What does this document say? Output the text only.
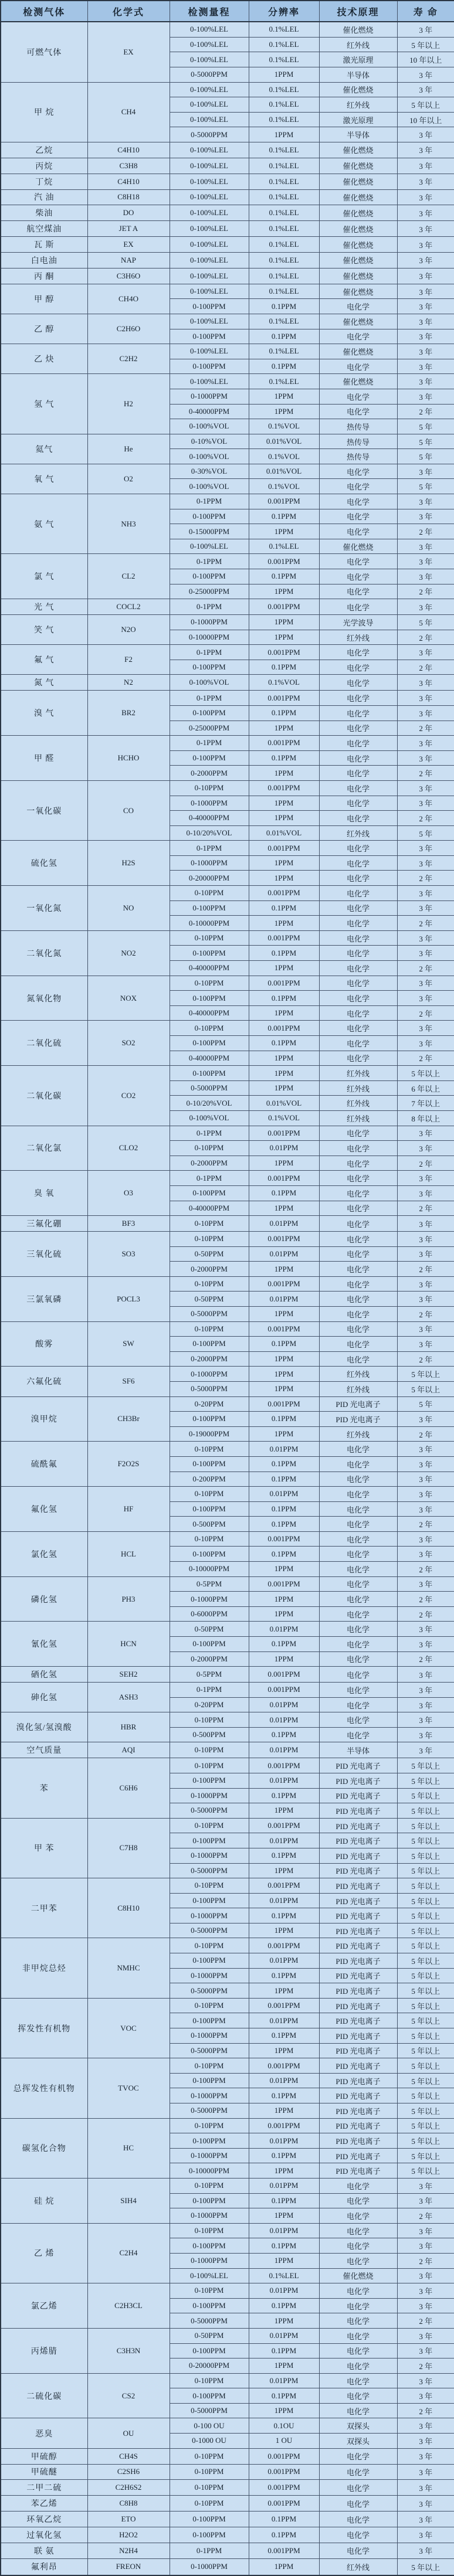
检测气体	化学式	检测量程	分辨率	技术原理	寿 命
可燃气体	EX	0-100%LEL	0.1%LEL	催化燃烧	3 年
		0-100%LEL	0.1%LEL	红外线	5 年以上
		0-100%LEL	0.1%LEL	激光原理	10 年以上
		0-5000PPM	1PPM	半导体	3 年
甲 烷	CH4	0-100%LEL	0.1%LEL	催化燃烧	3 年
		0-100%LEL	0.1%LEL	红外线	5 年以上
		0-100%LEL	0.1%LEL	激光原理	10 年以上
		0-5000PPM	1PPM	半导体	3 年
乙烷	C4H10	0-100%LEL	0.1%LEL	催化燃烧	3 年
丙烷	C3H8	0-100%LEL	0.1%LEL	催化燃烧	3 年
丁烷	C4H10	0-100%LEL	0.1%LEL	催化燃烧	3 年
汽 油	C8H18	0-100%LEL	0.1%LEL	催化燃烧	3 年
柴油	DO	0-100%LEL	0.1%LEL	催化燃烧	3 年
航空煤油	JET A	0-100%LEL	0.1%LEL	催化燃烧	3 年
瓦 斯	EX	0-100%LEL	0.1%LEL	催化燃烧	3 年
白电油	NAP	0-100%LEL	0.1%LEL	催化燃烧	3 年
丙 酮	C3H6O	0-100%LEL	0.1%LEL	催化燃烧	3 年
甲 醇	CH4O	0-100%LEL	0.1%LEL	催化燃烧	3 年
		0-100PPM	0.1PPM	电化学	3 年
乙 醇	C2H6O	0-100%LEL	0.1%LEL	催化燃烧	3 年
		0-100PPM	0.1PPM	电化学	3 年
乙 炔	C2H2	0-100%LEL	0.1%LEL	催化燃烧	3 年
		0-100PPM	0.1PPM	电化学	3 年
氢 气	H2	0-100%LEL	0.1%LEL	催化燃烧	3 年
		0-1000PPM	1PPM	电化学	3 年
		0-40000PPM	1PPM	电化学	2 年
		0-100%VOL	0.1%VOL	热传导	5 年
氦气	He	0-10%VOL	0.01%VOL	热传导	5 年
		0-100%VOL	0.1%VOL	热传导	5 年
氧 气	O2	0-30%VOL	0.01%VOL	电化学	3 年
		0-100%VOL	0.1%VOL	电化学	5 年
氨 气	NH3	0-1PPM	0.001PPM	电化学	3 年
		0-100PPM	0.1PPM	电化学	3 年
		0-15000PPM	1PPM	电化学	2 年
		0-100%LEL	0.1%LEL	催化燃烧	3 年
氯 气	CL2	0-1PPM	0.001PPM	电化学	3 年
		0-100PPM	0.1PPM	电化学	3 年
		0-25000PPM	1PPM	电化学	2 年
光 气	COCL2	0-1PPM	0.001PPM	电化学	3 年
笑 气	N2O	0-1000PPM	1PPM	光学波导	5 年
		0-10000PPM	1PPM	红外线	2 年
氟 气	F2	0-1PPM	0.001PPM	电化学	3 年
		0-100PPM	0.1PPM	电化学	2 年
氮 气	N2	0-100%VOL	0.1%VOL	电化学	3 年
溴 气	BR2	0-1PPM	0.001PPM	电化学	3 年
		0-100PPM	0.1PPM	电化学	3 年
		0-25000PPM	1PPM	电化学	2 年
甲 醛	HCHO	0-1PPM	0.001PPM	电化学	3 年
		0-100PPM	0.1PPM	电化学	3 年
		0-2000PPM	1PPM	电化学	2 年
一氧化碳	CO	0-10PPM	0.001PPM	电化学	3 年
		0-1000PPM	1PPM	电化学	3 年
		0-40000PPM	1PPM	电化学	2 年
		0-10/20%VOL	0.01%VOL	红外线	5 年
硫化氢	H2S	0-1PPM	0.001PPM	电化学	3 年
		0-1000PPM	1PPM	电化学	3 年
		0-20000PPM	1PPM	电化学	2 年
一氧化氮	NO	0-10PPM	0.001PPM	电化学	3 年
		0-100PPM	0.1PPM	电化学	3 年
		0-10000PPM	1PPM	电化学	2 年
二氧化氮	NO2	0-10PPM	0.001PPM	电化学	3 年
		0-100PPM	0.1PPM	电化学	3 年
		0-40000PPM	1PPM	电化学	2 年
氮氧化物	NOX	0-10PPM	0.001PPM	电化学	3 年
		0-100PPM	0.1PPM	电化学	3 年
		0-40000PPM	1PPM	电化学	2 年
二氧化硫	SO2	0-10PPM	0.001PPM	电化学	3 年
		0-100PPM	0.1PPM	电化学	3 年
		0-40000PPM	1PPM	电化学	2 年
二氧化碳	CO2	0-100PPM	1PPM	红外线	5 年以上
		0-5000PPM	1PPM	红外线	6 年以上
		0-10/20%VOL	0.01%VOL	红外线	7 年以上
		0-100%VOL	0.1%VOL	红外线	8 年以上
二氧化氯	CLO2	0-1PPM	0.001PPM	电化学	3 年
		0-10PPM	0.01PPM	电化学	3 年
		0-2000PPM	1PPM	电化学	2 年
臭 氧	O3	0-1PPM	0.001PPM	电化学	3 年
		0-100PPM	0.1PPM	电化学	3 年
		0-40000PPM	1PPM	电化学	2 年
三氟化硼	BF3	0-10PPM	0.01PPM	电化学	3 年
三氧化硫	SO3	0-10PPM	0.001PPM	电化学	3 年
		0-50PPM	0.01PPM	电化学	3 年
		0-2000PPM	1PPM	电化学	2 年
三氯氧磷	POCL3	0-10PPM	0.001PPM	电化学	3 年
		0-50PPM	0.01PPM	电化学	3 年
		0-5000PPM	1PPM	电化学	2 年
酸雾	SW	0-10PPM	0.001PPM	电化学	3 年
		0-100PPM	0.1PPM	电化学	3 年
		0-2000PPM	1PPM	电化学	2 年
六氟化硫	SF6	0-1000PPM	1PPM	红外线	5 年以上
		0-5000PPM	1PPM	红外线	5 年以上
溴甲烷	CH3Br	0-20PPM	0.001PPM	PID 光电离子	5 年
		0-100PPM	0.1PPM	PID 光电离子	3 年
		0-19000PPM	1PPM	红外线	2 年
硫酰氟	F2O2S	0-10PPM	0.01PPM	电化学	3 年
		0-100PPM	0.1PPM	电化学	3 年
		0-200PPM	0.1PPM	电化学	3 年
氟化氢	HF	0-10PPM	0.01PPM	电化学	3 年
		0-100PPM	0.1PPM	电化学	3 年
		0-500PPM	0.1PPM	电化学	2 年
氯化氢	HCL	0-10PPM	0.001PPM	电化学	3 年
		0-100PPM	0.1PPM	电化学	3 年
		0-10000PPM	1PPM	电化学	2 年
磷化氢	PH3	0-5PPM	0.001PPM	电化学	3 年
		0-1000PPM	1PPM	电化学	2 年
		0-6000PPM	1PPM	电化学	2 年
氰化氢	HCN	0-50PPM	0.01PPM	电化学	3 年
		0-100PPM	0.1PPM	电化学	3 年
		0-2000PPM	1PPM	电化学	2 年
硒化氢	SEH2	0-5PPM	0.001PPM	电化学	3 年
砷化氢	ASH3	0-1PPM	0.001PPM	电化学	3 年
		0-20PPM	0.01PPM	电化学	3 年
溴化氢/氢溴酸	HBR	0-10PPM	0.01PPM	电化学	3 年
		0-500PPM	0.1PPM	电化学	3 年
空气质量	AQI	0-10PPM	0.01PPM	半导体	3 年
苯	C6H6	0-10PPM	0.001PPM	PID 光电离子	5 年以上
		0-100PPM	0.01PPM	PID 光电离子	5 年以上
		0-1000PPM	0.1PPM	PID 光电离子	5 年以上
		0-5000PPM	1PPM	PID 光电离子	5 年以上
甲 苯	C7H8	0-10PPM	0.001PPM	PID 光电离子	5 年以上
		0-100PPM	0.01PPM	PID 光电离子	5 年以上
		0-1000PPM	0.1PPM	PID 光电离子	5 年以上
		0-5000PPM	1PPM	PID 光电离子	5 年以上
二甲苯	C8H10	0-10PPM	0.001PPM	PID 光电离子	5 年以上
		0-100PPM	0.01PPM	PID 光电离子	5 年以上
		0-1000PPM	0.1PPM	PID 光电离子	5 年以上
		0-5000PPM	1PPM	PID 光电离子	5 年以上
非甲烷总烃	NMHC	0-10PPM	0.001PPM	PID 光电离子	5 年以上
		0-100PPM	0.01PPM	PID 光电离子	5 年以上
		0-1000PPM	0.1PPM	PID 光电离子	5 年以上
		0-5000PPM	1PPM	PID 光电离子	5 年以上
挥发性有机物	VOC	0-10PPM	0.001PPM	PID 光电离子	5 年以上
		0-100PPM	0.01PPM	PID 光电离子	5 年以上
		0-1000PPM	0.1PPM	PID 光电离子	5 年以上
		0-5000PPM	1PPM	PID 光电离子	5 年以上
总挥发性有机物	TVOC	0-10PPM	0.001PPM	PID 光电离子	5 年以上
		0-100PPM	0.01PPM	PID 光电离子	5 年以上
		0-1000PPM	0.1PPM	PID 光电离子	5 年以上
		0-5000PPM	1PPM	PID 光电离子	5 年以上
碳氢化合物	HC	0-10PPM	0.001PPM	PID 光电离子	5 年以上
		0-100PPM	0.01PPM	PID 光电离子	5 年以上
		0-1000PPM	0.1PPM	PID 光电离子	5 年以上
		0-10000PPM	1PPM	PID 光电离子	5 年以上
硅 烷	SIH4	0-10PPM	0.01PPM	电化学	3 年
		0-100PPM	0.1PPM	电化学	3 年
		0-1000PPM	1PPM	电化学	2 年
乙 烯	C2H4	0-10PPM	0.01PPM	电化学	3 年
		0-100PPM	0.1PPM	电化学	3 年
		0-1000PPM	1PPM	电化学	2 年
		0-100%LEL	0.1%LEL	催化燃烧	3 年
氯乙烯	C2H3CL	0-10PPM	0.01PPM	电化学	3 年
		0-100PPM	0.1PPM	电化学	3 年
		0-5000PPM	1PPM	电化学	2 年
丙烯腈	C3H3N	0-50PPM	0.01PPM	电化学	3 年
		0-100PPM	0.1PPM	电化学	3 年
		0-20000PPM	1PPM	电化学	2 年
二硫化碳	CS2	0-10PPM	0.01PPM	电化学	3 年
		0-100PPM	0.1PPM	电化学	3 年
		0-5000PPM	1PPM	电化学	2 年
恶臭	OU	0-100 OU	0.1OU	双探头	3 年
		0-1000 OU	1 OU	双探头	3 年
甲硫醇	CH4S	0-10PPM	0.001PPM	电化学	3 年
甲硫醚	C2SH6	0-10PPM	0.001PPM	电化学	3 年
二甲二硫	C2H6S2	0-10PPM	0.001PPM	电化学	3 年
苯乙烯	C8H8	0-10PPM	0.001PPM	电化学	3 年
环氧乙烷	ETO	0-100PPM	0.1PPM	电化学	3 年
过氧化氢	H2O2	0-100PPM	0.1PPM	电化学	3 年
联 氨	N2H4	0-1PPM	0.001PPM	电化学	3 年
氟利昂	FREON	0-1000PPM	1PPM	红外线	5 年以上
